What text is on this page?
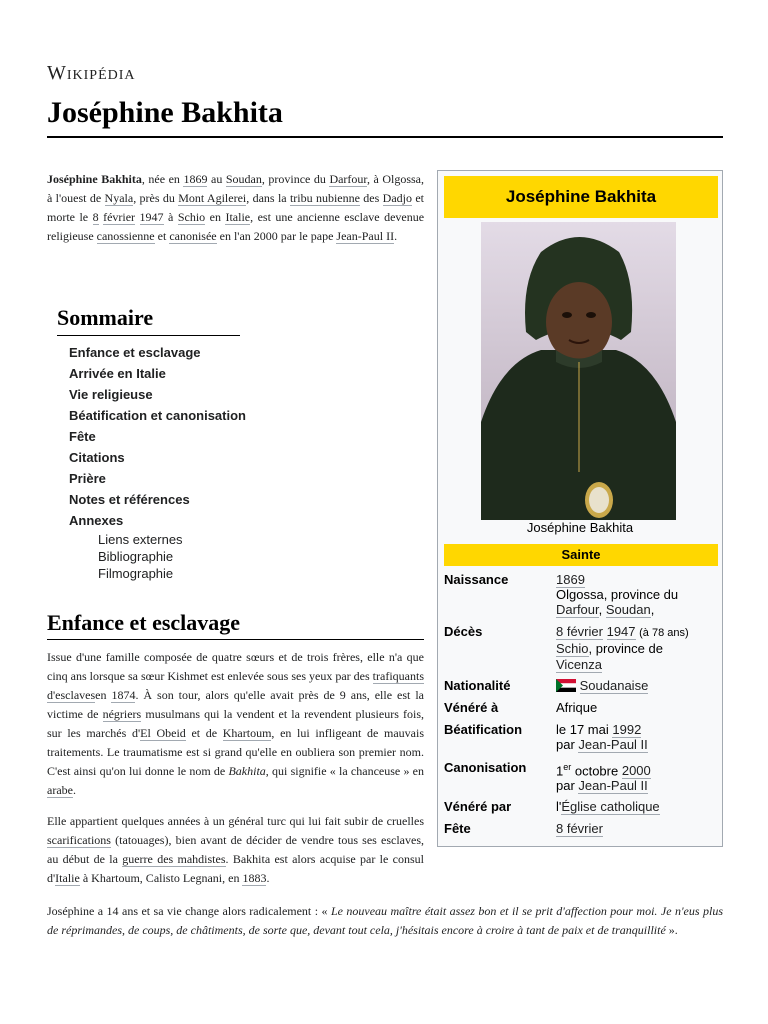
Wikipédia
Joséphine Bakhita

Joséphine Bakhita, née en 1869 au Soudan, province du Darfour, à Olgossa, à l'ouest de Nyala, près du Mont Agilerei, dans la tribu nubienne des Dadjo et morte le 8 février 1947 à Schio en Italie, est une ancienne esclave devenue religieuse canossienne et canonisée en l'an 2000 par le pape Jean-Paul II.

Sommaire
Enfance et esclavage
Arrivée en Italie
Vie religieuse
Béatification et canonisation
Fête
Citations
Prière
Notes et références
Annexes
Liens externes
Bibliographie
Filmographie
Enfance et esclavage

Issue d'une famille composée de quatre sœurs et de trois frères, elle n'a que cinq ans lorsque sa sœur Kishmet est enlevée sous ses yeux par des trafiquants d'esclavesen 1874. À son tour, alors qu'elle avait près de 9 ans, elle est la victime de négriers musulmans qui la vendent et la revendent plusieurs fois, sur les marchés d'El Obeid et de Khartoum, en lui infligeant de mauvais traitements. Le traumatisme est si grand qu'elle en oubliera son premier nom. C'est ainsi qu'on lui donne le nom de Bakhita, qui signifie « la chanceuse » en arabe.

Elle appartient quelques années à un général turc qui lui fait subir de cruelles scarifications (tatouages), bien avant de décider de vendre tous ses esclaves, au début de la guerre des mahdistes. Bakhita est alors acquise par le consul d'Italie à Khartoum, Calisto Legnani, en 1883.

Joséphine a 14 ans et sa vie change alors radicalement : « Le nouveau maître était assez bon et il se prit d'affection pour moi. Je n'eus plus de réprimandes, de coups, de châtiments, de sorte que, devant tout cela, j'hésitais encore à croire à tant de paix et de tranquillité ».

Joséphine Bakhita
Joséphine Bakhita
Sainte
Naissance	1869
Olgossa, province du
Darfour, Soudan,
Décès	8 février 1947 (à 78 ans)
Schio, province de
Vicenza
Nationalité	Soudanaise
Vénéré à	Afrique
Béatification	le 17 mai 1992
par Jean-Paul II
Canonisation	1er octobre 2000
par Jean-Paul II
Vénéré par	l'Église catholique
Fête	8 février
